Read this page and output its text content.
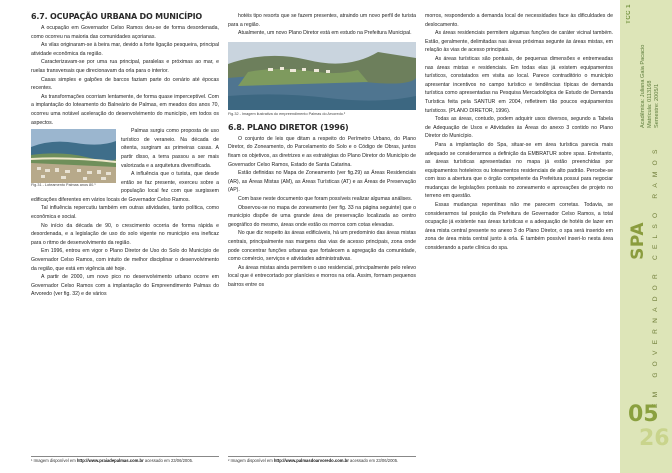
6.7. OCUPAÇÃO URBANA DO MUNICÍPIO

A ocupação em Governador Celso Ramos deu-se de forma desordenada, como ocorreu na maioria das comunidades açorianas.

As vilas originaram-se à beira mar, devido a forte ligação pesqueira, principal atividade econômica da região.

Caracterizavam-se por uma rua principal, paralelas e próximas ao mar, e ruelas transversais que direcionavam da orla para o interior.

Casas simples e galpões de barcos faziam parte do cenário até épocas recentes.

As transformações ocorriam lentamente, de forma quase imperceptível. Com a implantação do loteamento do Balneário de Palmas, em meados dos anos 70, ocorreu uma notável aceleração do desenvolvimento do município, em todos os aspectos.

Fig.31 - Loteamento Palmas anos 80.¹

Palmas surgiu como proposta de uso turístico de veraneio. Na década de oitenta, surgiram as primeiras casas. A partir disso, a terra passou a ser mais valorizada e a arquitetura diversificada.

A influência que o turista, que desde então se faz presente, exerceu sobre a população local fez com que surgissem edificações diferentes em vários locais de Governador Celso Ramos.

Tal influência repercutiu também em outras atividades, tanto política, como econômica e social.

No início da década de 90, o crescimento ocorria de forma rápida e desordenada, e a legislação de uso do solo vigente no município era ineficaz para o ritmo de desenvolvimento da região.

Em 1996, entrou em vigor o Plano Diretor de Uso do Solo do Município de Governador Celso Ramos, com intuito de melhor disciplinar o desenvolvimento da região, que está em vigência até hoje.

A partir de 2000, um novo pico no desenvolvimento urbano ocorre em Governador Celso Ramos com a implantação do Empreendimento Palmas do Arvoredo (ver fig. 32) e de vários

¹ Imagem disponível em http://www.praiadepalmas.com.br acessado em 23/06/2005.

hotéis tipo resorts que se fazem presentes, atraindo um novo perfil de turista para a região.

Atualmente, um novo Plano Diretor está em estudo na Prefeitura Municipal.

Fig.32 - Imagem ilustrativa do empreendimento Palmas do Arvoredo.²
6.8. PLANO DIRETOR (1996)

O conjunto de leis que ditam a respeito do Perímetro Urbano, do Plano Diretor, do Zoneamento, do Parcelamento do Solo e o Código de Obras, juntos fixam os objetivos, as diretrizes e as estratégias do Plano Diretor do Município de Governador Celso Ramos, Estado de Santa Catarina.

Estão definidas no Mapa de Zoneamento (ver fig.29) as Áreas Residenciais (AR), as Áreas Mistas (AM), as Áreas Turísticas (AT) e as Áreas de Preservação (AP).

Com base neste documento que foram possíveis realizar algumas análises.

Observou-se no mapa de zoneamento (ver fig. 33 na página seguinte) que o município dispõe de uma grande área de preservação localizada ao centro geográfico do mesmo, áreas onde estão os morros com cotas elevadas.

No que diz respeito às áreas edificáveis, há um predomínio das áreas mistas centrais, principalmente nas margens das vias de acesso principais, zona onde pode concentrar funções urbanas que fortalecem a agregação da comunidade, como comércio, serviços e atividades administrativas.

As áreas mistas ainda permitem o uso residencial, principalmente pelo relevo local que é entrecortado por planícies e morros na orla. Assim, formam pequenos bairros entre os

² Imagem disponível em http://www.palmasdoarvoredo.com.br acessado em 23/06/2005.

morros, respondendo a demanda local de necessidades face às dificuldades de deslocamento.

As áreas residenciais permitem algumas funções de caráter vicinal também. Estão, geralmente, delimitadas nas áreas próximas segunte às áreas mistas, em relação às vias de acesso principais.

As áreas turísticas são pontuais, de pequenas dimensões e entremeadas nas áreas mistas e residenciais. Em todas elas já existem equipamentos turísticos, constatados em visita ao local. Parece contraditório o município apresentar incentivos no campo turístico e tendências típicas de demanda turística como apresentadas na Pesquisa Mercadológica de Estudo de Demanda Turística feita pela SANTUR em 2004, refletirem tão poucos equipamentos turísticos. (PLANO DIRETOR, 1996).

Todas as áreas, contudo, podem adquirir usos diversos, segundo a Tabela de Adequação de Usos e Atividades às Áreas do anexo 3 contido no Plano Diretor do Município.

Para a implantação do Spa, situar-se em área turística parecia mais adequado se considerarmos a definição da EMBRATUR sobre spas. Entretanto, as áreas turísticas apresentadas no mapa já estão preenchidas por equipamentos hoteleiros ou loteamentos residenciais de alto padrão. Percebe-se com isso a abertura que o órgão competente da Prefeitura possui para negociar mudanças de legislações pontuais no zoneamento e aprovações de projeto no terreno em questão.

Essas mudanças repentinas não me parecem corretas. Todavia, se considerarmos tal posição da Prefeitura de Governador Celso Ramos, a total ocupação já existente nas áreas turísticas e a adequação de hotéis de lazer em área mista central presente no anexo 3 do Plano Diretor, o spa será inserido em zona de área mista central junto à orla. É também possível inseri-lo nesta área considerando a parte clínica do spa.

TCC 1
Acadêmica: Juliana Gaia Pacacio Matrícula: 0113168 Semestre: 2005/1
SPA EM GOVERNADOR CELSO RAMOS
05
26
